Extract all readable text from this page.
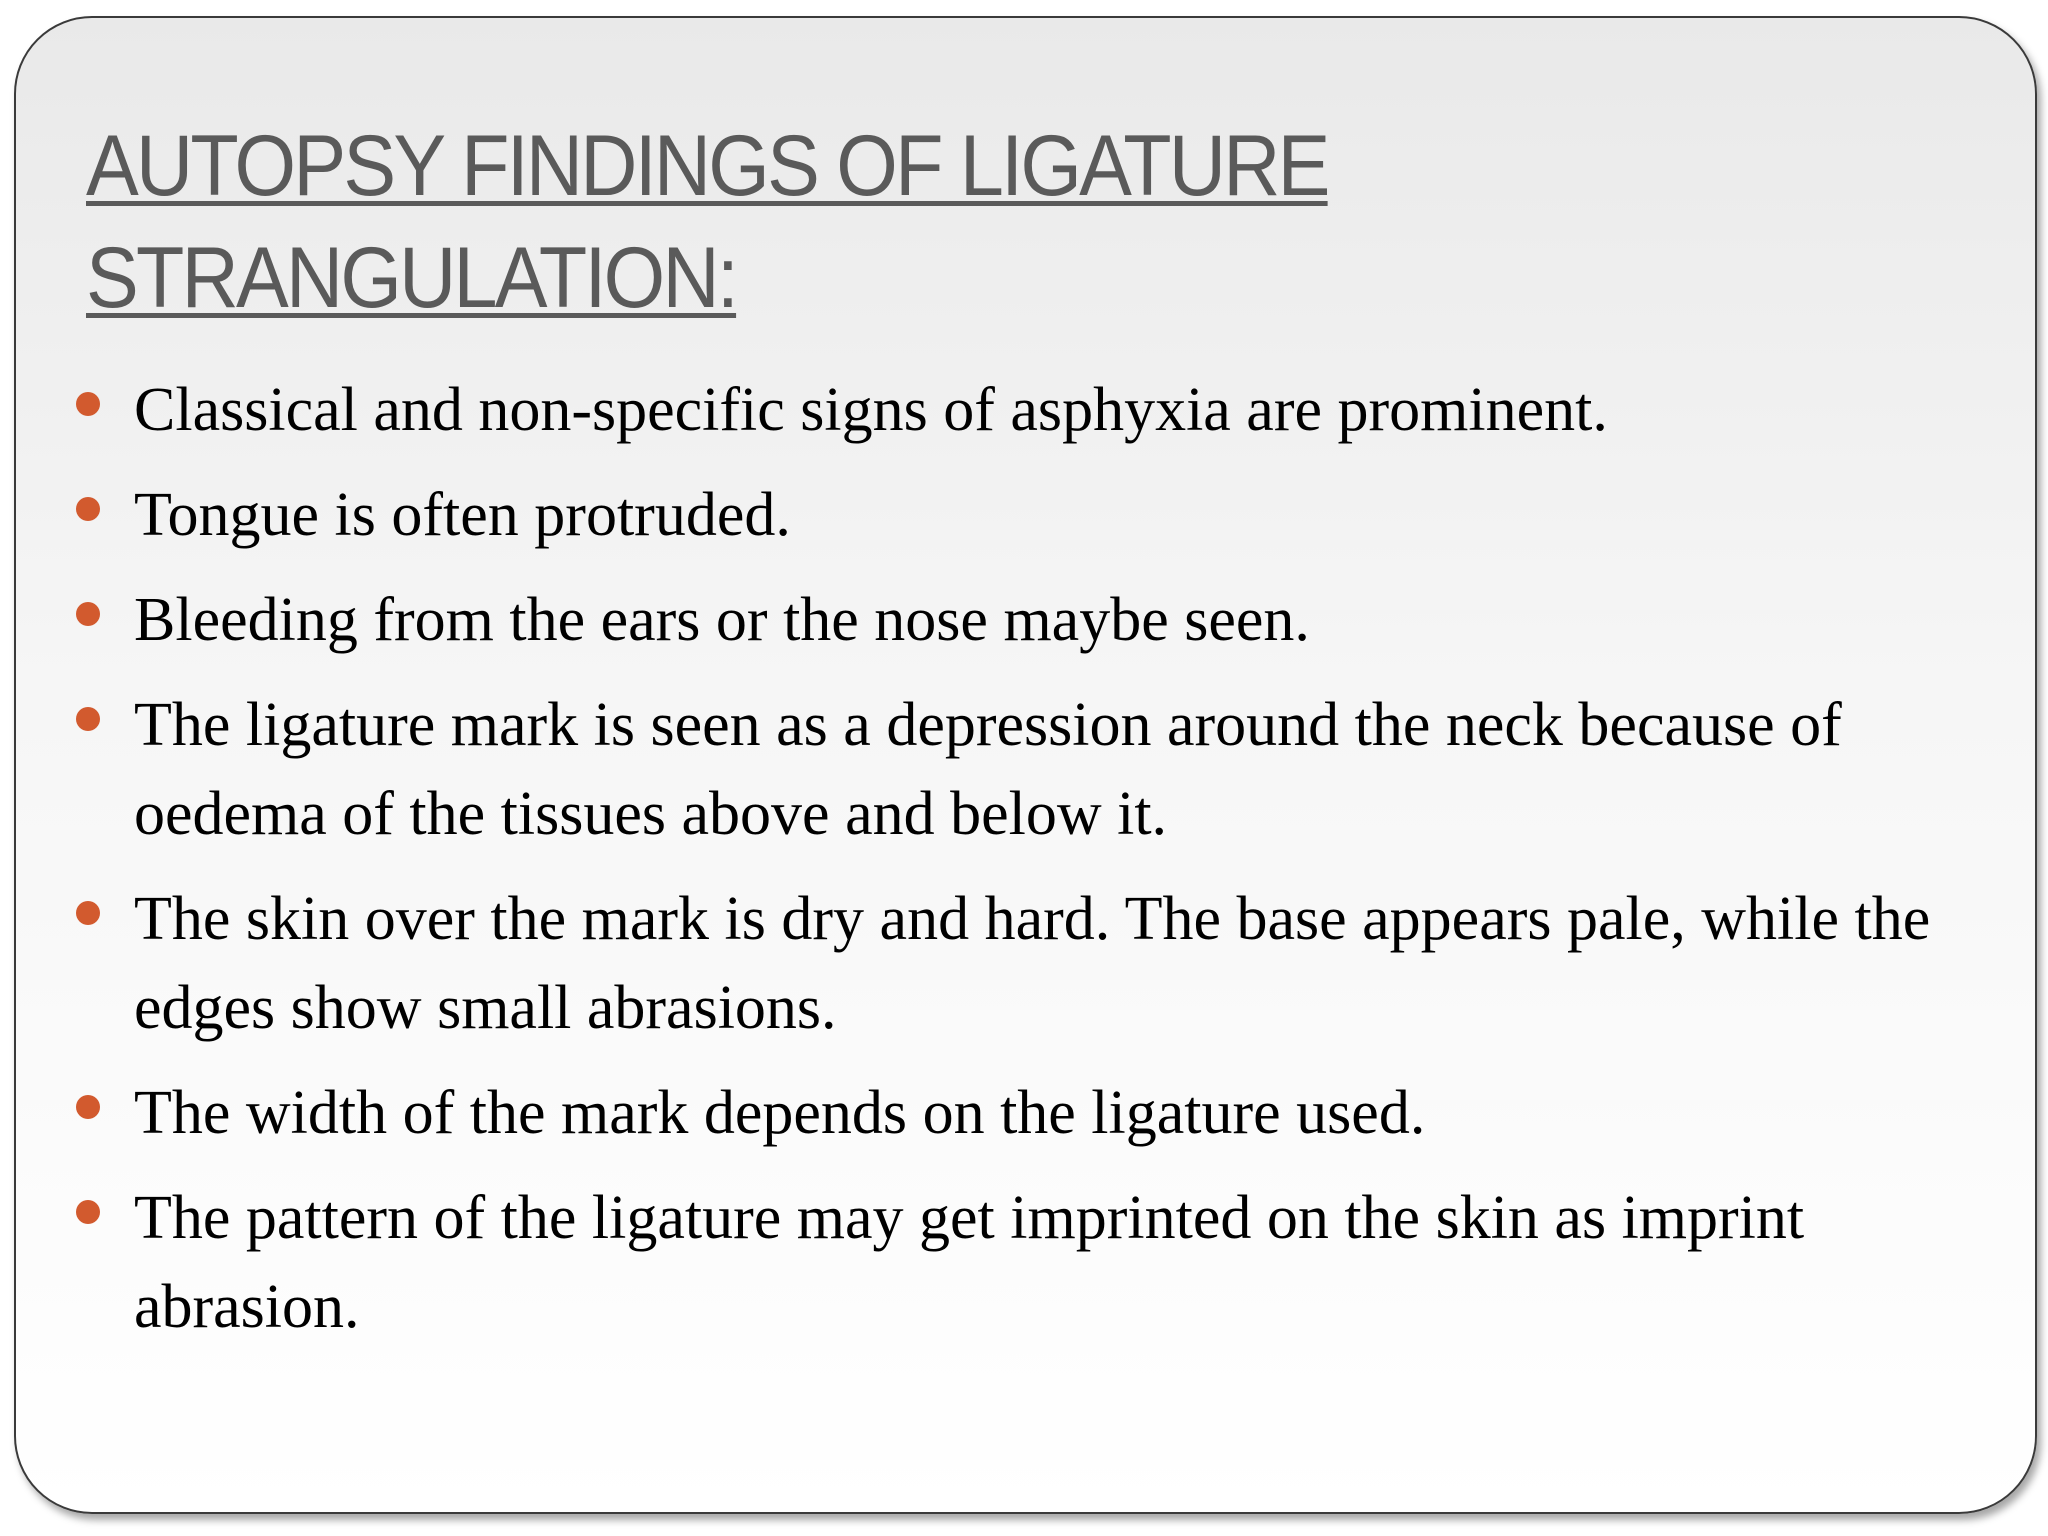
AUTOPSY FINDINGS OF LIGATURE
STRANGULATION:
Classical and non-specific signs of asphyxia are prominent.
Tongue is often protruded.
Bleeding from the ears or the nose maybe seen.
The ligature mark is seen as a depression around the neck because of oedema of the tissues above and below it.
The skin over the mark is dry and hard. The base appears pale, while the edges show small abrasions.
The width of the mark depends on the ligature used.
The pattern of the ligature may get imprinted on the skin as imprint abrasion.
